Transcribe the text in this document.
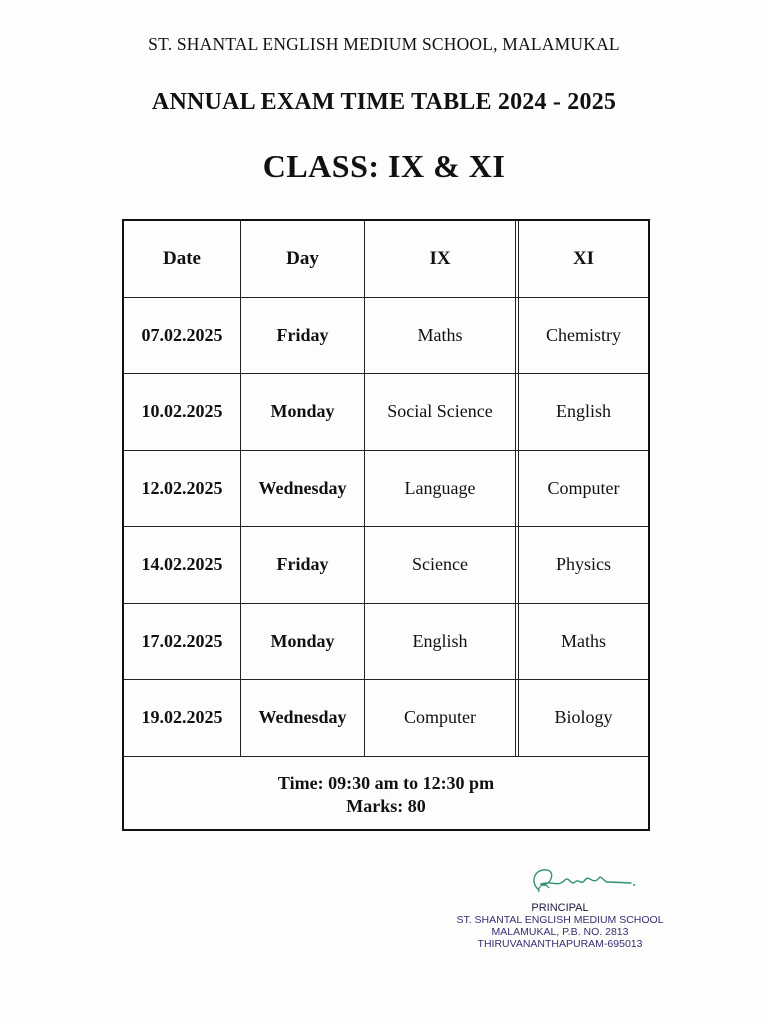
ST. SHANTAL ENGLISH MEDIUM SCHOOL, MALAMUKAL
ANNUAL EXAM TIME TABLE 2024 - 2025
CLASS: IX & XI
Date	Day	IX	XI
07.02.2025	Friday	Maths	Chemistry
10.02.2025	Monday	Social Science	English
12.02.2025	Wednesday	Language	Computer
14.02.2025	Friday	Science	Physics
17.02.2025	Monday	English	Maths
19.02.2025	Wednesday	Computer	Biology
Time: 09:30 am to 12:30 pm
Marks: 80
PRINCIPAL
ST. SHANTAL ENGLISH MEDIUM SCHOOL
MALAMUKAL, P.B. NO. 2813
THIRUVANANTHAPURAM-695013
